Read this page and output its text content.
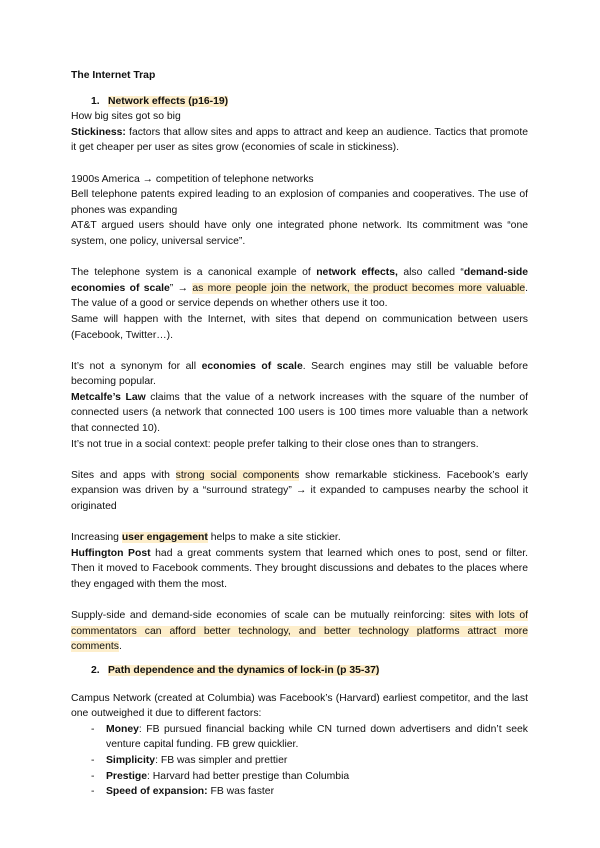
The Internet Trap

1. Network effects (p16-19)

How big sites got so big

Stickiness: factors that allow sites and apps to attract and keep an audience. Tactics that promote it get cheaper per user as sites grow (economies of scale in stickiness).

1900s America → competition of telephone networks

Bell telephone patents expired leading to an explosion of companies and cooperatives. The use of phones was expanding

AT&T argued users should have only one integrated phone network. Its commitment was “one system, one policy, universal service”.

The telephone system is a canonical example of network effects, also called “demand-side economies of scale” → as more people join the network, the product becomes more valuable. The value of a good or service depends on whether others use it too.

Same will happen with the Internet, with sites that depend on communication between users (Facebook, Twitter…).

It’s not a synonym for all economies of scale. Search engines may still be valuable before becoming popular.

Metcalfe’s Law claims that the value of a network increases with the square of the number of connected users (a network that connected 100 users is 100 times more valuable than a network that connected 10).

It’s not true in a social context: people prefer talking to their close ones than to strangers.

Sites and apps with strong social components show remarkable stickiness. Facebook’s early expansion was driven by a “surround strategy” → it expanded to campuses nearby the school it originated

Increasing user engagement helps to make a site stickier.

Huffington Post had a great comments system that learned which ones to post, send or filter. Then it moved to Facebook comments. They brought discussions and debates to the places where they engaged with them the most.

Supply-side and demand-side economies of scale can be mutually reinforcing: sites with lots of commentators can afford better technology, and better technology platforms attract more comments.

2. Path dependence and the dynamics of lock-in (p 35-37)

Campus Network (created at Columbia) was Facebook’s (Harvard) earliest competitor, and the last one outweighed it due to different factors:

- Money: FB pursued financial backing while CN turned down advertisers and didn’t seek venture capital funding. FB grew quicklier.
- Simplicity: FB was simpler and prettier
- Prestige: Harvard had better prestige than Columbia
- Speed of expansion: FB was faster
